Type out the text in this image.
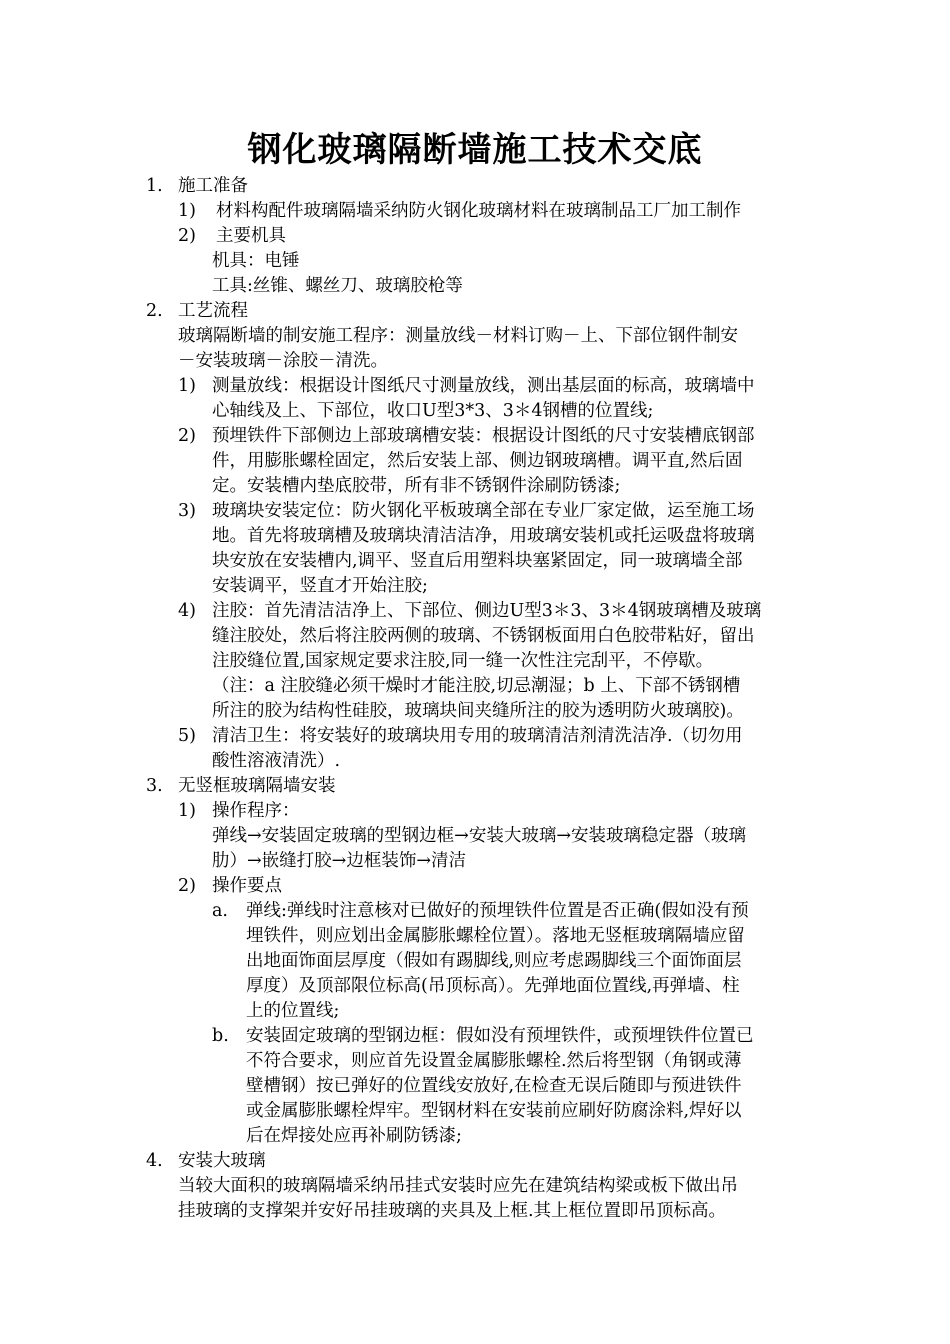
钢化玻璃隔断墙施工技术交底
1. 施工准备
1) 材料构配件玻璃隔墙采纳防火钢化玻璃材料在玻璃制品工厂加工制作
2) 主要机具
机具：电锤
工具:丝锥、螺丝刀、玻璃胶枪等
2. 工艺流程

玻璃隔断墙的制安施工程序：测量放线－材料订购－上、下部位钢件制安

－安装玻璃－涂胶－清洗。

1) 测量放线：根据设计图纸尺寸测量放线，测出基层面的标高，玻璃墙中

心轴线及上、下部位，收口U型3*3、3＊4钢槽的位置线;

2) 预埋铁件下部侧边上部玻璃槽安装：根据设计图纸的尺寸安装槽底钢部

件，用膨胀螺栓固定，然后安装上部、侧边钢玻璃槽。调平直,然后固

定。安装槽内垫底胶带，所有非不锈钢件涂刷防锈漆;

3) 玻璃块安装定位：防火钢化平板玻璃全部在专业厂家定做，运至施工场

地。首先将玻璃槽及玻璃块清洁洁净，用玻璃安装机或托运吸盘将玻璃

块安放在安装槽内,调平、竖直后用塑料块塞紧固定，同一玻璃墙全部

安装调平，竖直才开始注胶;

4) 注胶：首先清洁洁净上、下部位、侧边U型3＊3、3＊4钢玻璃槽及玻璃

缝注胶处，然后将注胶两侧的玻璃、不锈钢板面用白色胶带粘好，留出

注胶缝位置,国家规定要求注胶,同一缝一次性注完刮平，不停歇。

（注：a 注胶缝必须干燥时才能注胶,切忌潮湿；b 上、下部不锈钢槽

所注的胶为结构性硅胶，玻璃块间夹缝所注的胶为透明防火玻璃胶)。

5) 清洁卫生：将安装好的玻璃块用专用的玻璃清洁剂清洗洁净.（切勿用

酸性溶液清洗）.

3. 无竖框玻璃隔墙安装
1) 操作程序：

弹线→安装固定玻璃的型钢边框→安装大玻璃→安装玻璃稳定器（玻璃

肋）→嵌缝打胶→边框装饰→清洁

2) 操作要点
a. 弹线:弹线时注意核对已做好的预埋铁件位置是否正确(假如没有预

埋铁件，则应划出金属膨胀螺栓位置）。落地无竖框玻璃隔墙应留

出地面饰面层厚度（假如有踢脚线,则应考虑踢脚线三个面饰面层

厚度）及顶部限位标高(吊顶标高）。先弹地面位置线,再弹墙、柱

上的位置线;

b. 安装固定玻璃的型钢边框：假如没有预埋铁件，或预埋铁件位置已

不符合要求，则应首先设置金属膨胀螺栓.然后将型钢（角钢或薄

壁槽钢）按已弹好的位置线安放好,在检查无误后随即与预进铁件

或金属膨胀螺栓焊牢。型钢材料在安装前应刷好防腐涂料,焊好以

后在焊接处应再补刷防锈漆;

4. 安装大玻璃

当较大面积的玻璃隔墙采纳吊挂式安装时应先在建筑结构梁或板下做出吊

挂玻璃的支撑架并安好吊挂玻璃的夹具及上框.其上框位置即吊顶标高。
